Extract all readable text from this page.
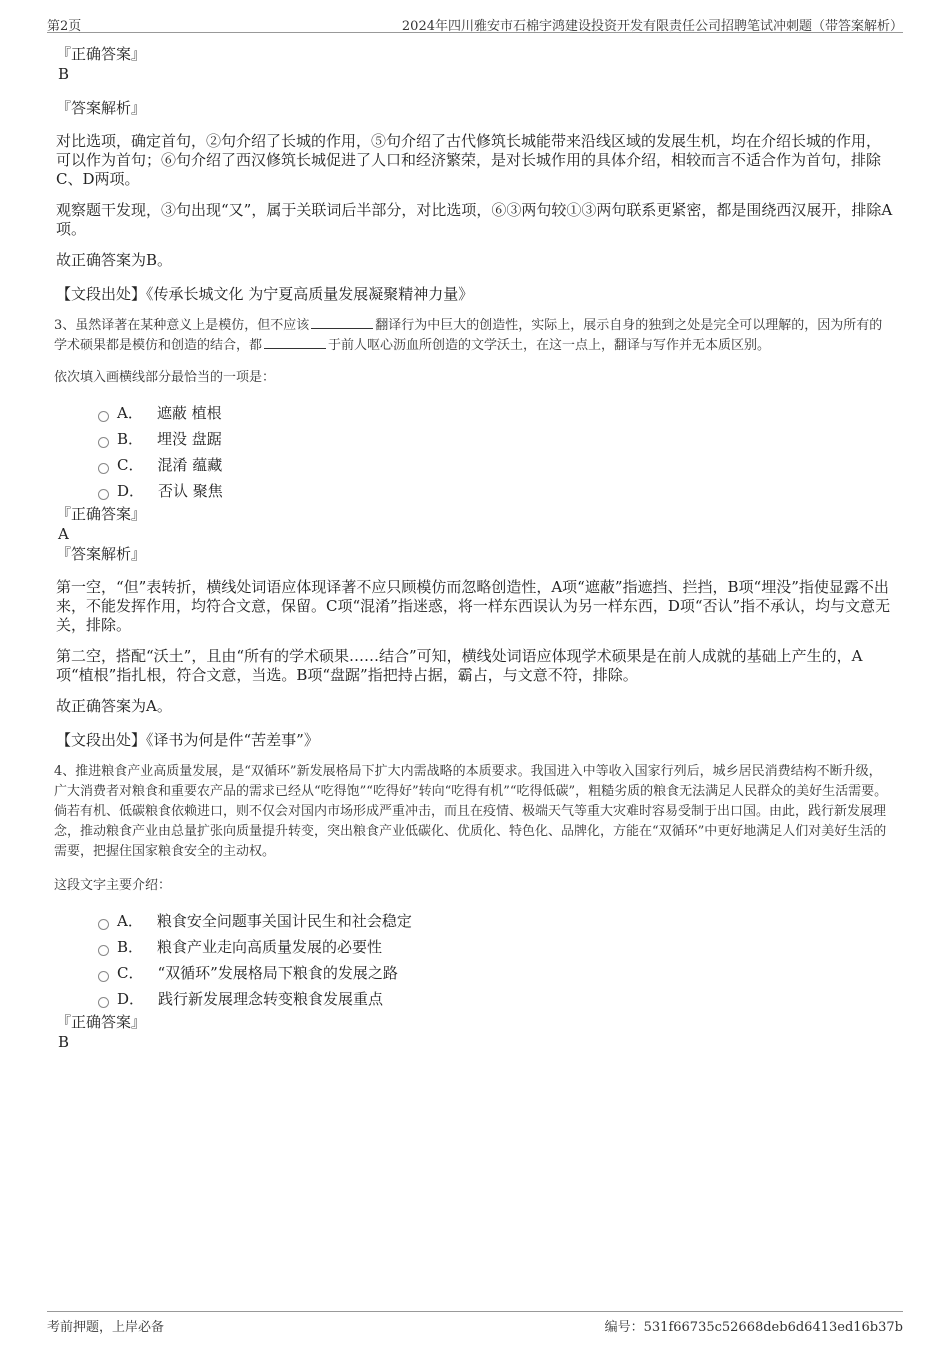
第2页	2024年四川雅安市石棉宇鸿建设投资开发有限责任公司招聘笔试冲刺题（带答案解析）

『正确答案』

B

『答案解析』

对比选项，确定首句，②句介绍了长城的作用，⑤句介绍了古代修筑长城能带来沿线区域的发展生机，均在介绍长城的作用，可以作为首句；⑥句介绍了西汉修筑长城促进了人口和经济繁荣，是对长城作用的具体介绍，相较而言不适合作为首句，排除C、D两项。

观察题干发现，③句出现“又”，属于关联词后半部分，对比选项，⑥③两句较①③两句联系更紧密，都是围绕西汉展开，排除A项。

故正确答案为B。

【文段出处】《传承长城文化 为宁夏高质量发展凝聚精神力量》

3、虽然译著在某种意义上是模仿，但不应该	翻译行为中巨大的创造性，实际上，展示自身的独到之处是完全可以理解的，因为所有的学术硕果都是模仿和创造的结合，都	于前人呕心沥血所创造的文学沃土，在这一点上，翻译与写作并无本质区别。

依次填入画横线部分最恰当的一项是：

A． 遮蔽 植根
B． 埋没 盘踞
C． 混淆 蕴藏
D． 否认 聚焦

『正确答案』

A

『答案解析』

第一空，“但”表转折，横线处词语应体现译著不应只顾模仿而忽略创造性，A项“遮蔽”指遮挡、拦挡，B项“埋没”指使显露不出来，不能发挥作用，均符合文意，保留。C项“混淆”指迷惑，将一样东西误认为另一样东西，D项“否认”指不承认，均与文意无关，排除。

第二空，搭配“沃土”，且由“所有的学术硕果……结合”可知，横线处词语应体现学术硕果是在前人成就的基础上产生的，A项“植根”指扎根，符合文意，当选。B项“盘踞”指把持占据，霸占，与文意不符，排除。

故正确答案为A。

【文段出处】《译书为何是件“苦差事”》

4、推进粮食产业高质量发展，是“双循环”新发展格局下扩大内需战略的本质要求。我国进入中等收入国家行列后，城乡居民消费结构不断升级，广大消费者对粮食和重要农产品的需求已经从“吃得饱”“吃得好”转向“吃得有机”“吃得低碳”，粗糙劣质的粮食无法满足人民群众的美好生活需要。倘若有机、低碳粮食依赖进口，则不仅会对国内市场形成严重冲击，而且在疫情、极端天气等重大灾难时容易受制于出口国。由此，践行新发展理念，推动粮食产业由总量扩张向质量提升转变，突出粮食产业低碳化、优质化、特色化、品牌化，方能在“双循环”中更好地满足人们对美好生活的需要，把握住国家粮食安全的主动权。

这段文字主要介绍：

A． 粮食安全问题事关国计民生和社会稳定
B． 粮食产业走向高质量发展的必要性
C． “双循环”发展格局下粮食的发展之路
D． 践行新发展理念转变粮食发展重点

『正确答案』

B

考前押题，上岸必备	编号：531f66735c52668deb6d6413ed16b37b
